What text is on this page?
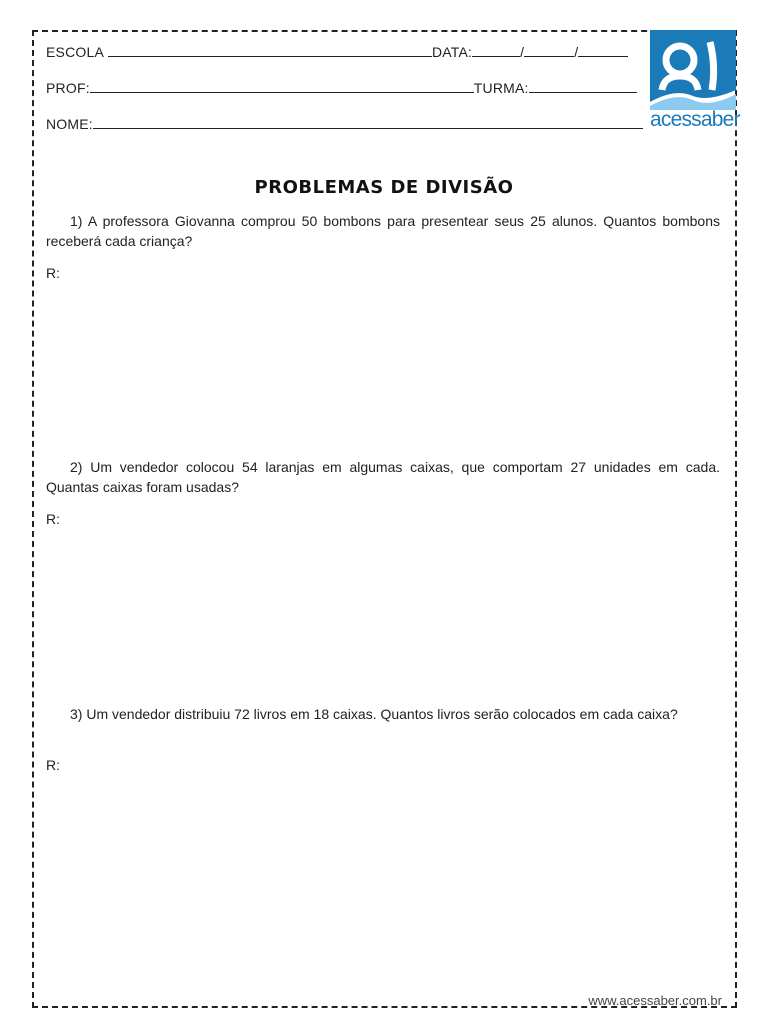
ESCOLA	DATA:	/	/
PROF:	TURMA:
NOME:	acessaber
PROBLEMAS DE DIVISÃO
1) A professora Giovanna comprou 50 bombons para presentear seus 25 alunos. Quantos bombons receberá cada criança?
R:
2) Um vendedor colocou 54 laranjas em algumas caixas, que comportam 27 unidades em cada. Quantas caixas foram usadas?
R:
3) Um vendedor distribuiu 72 livros em 18 caixas. Quantos livros serão colocados em cada caixa?
R:
www.acessaber.com.br
